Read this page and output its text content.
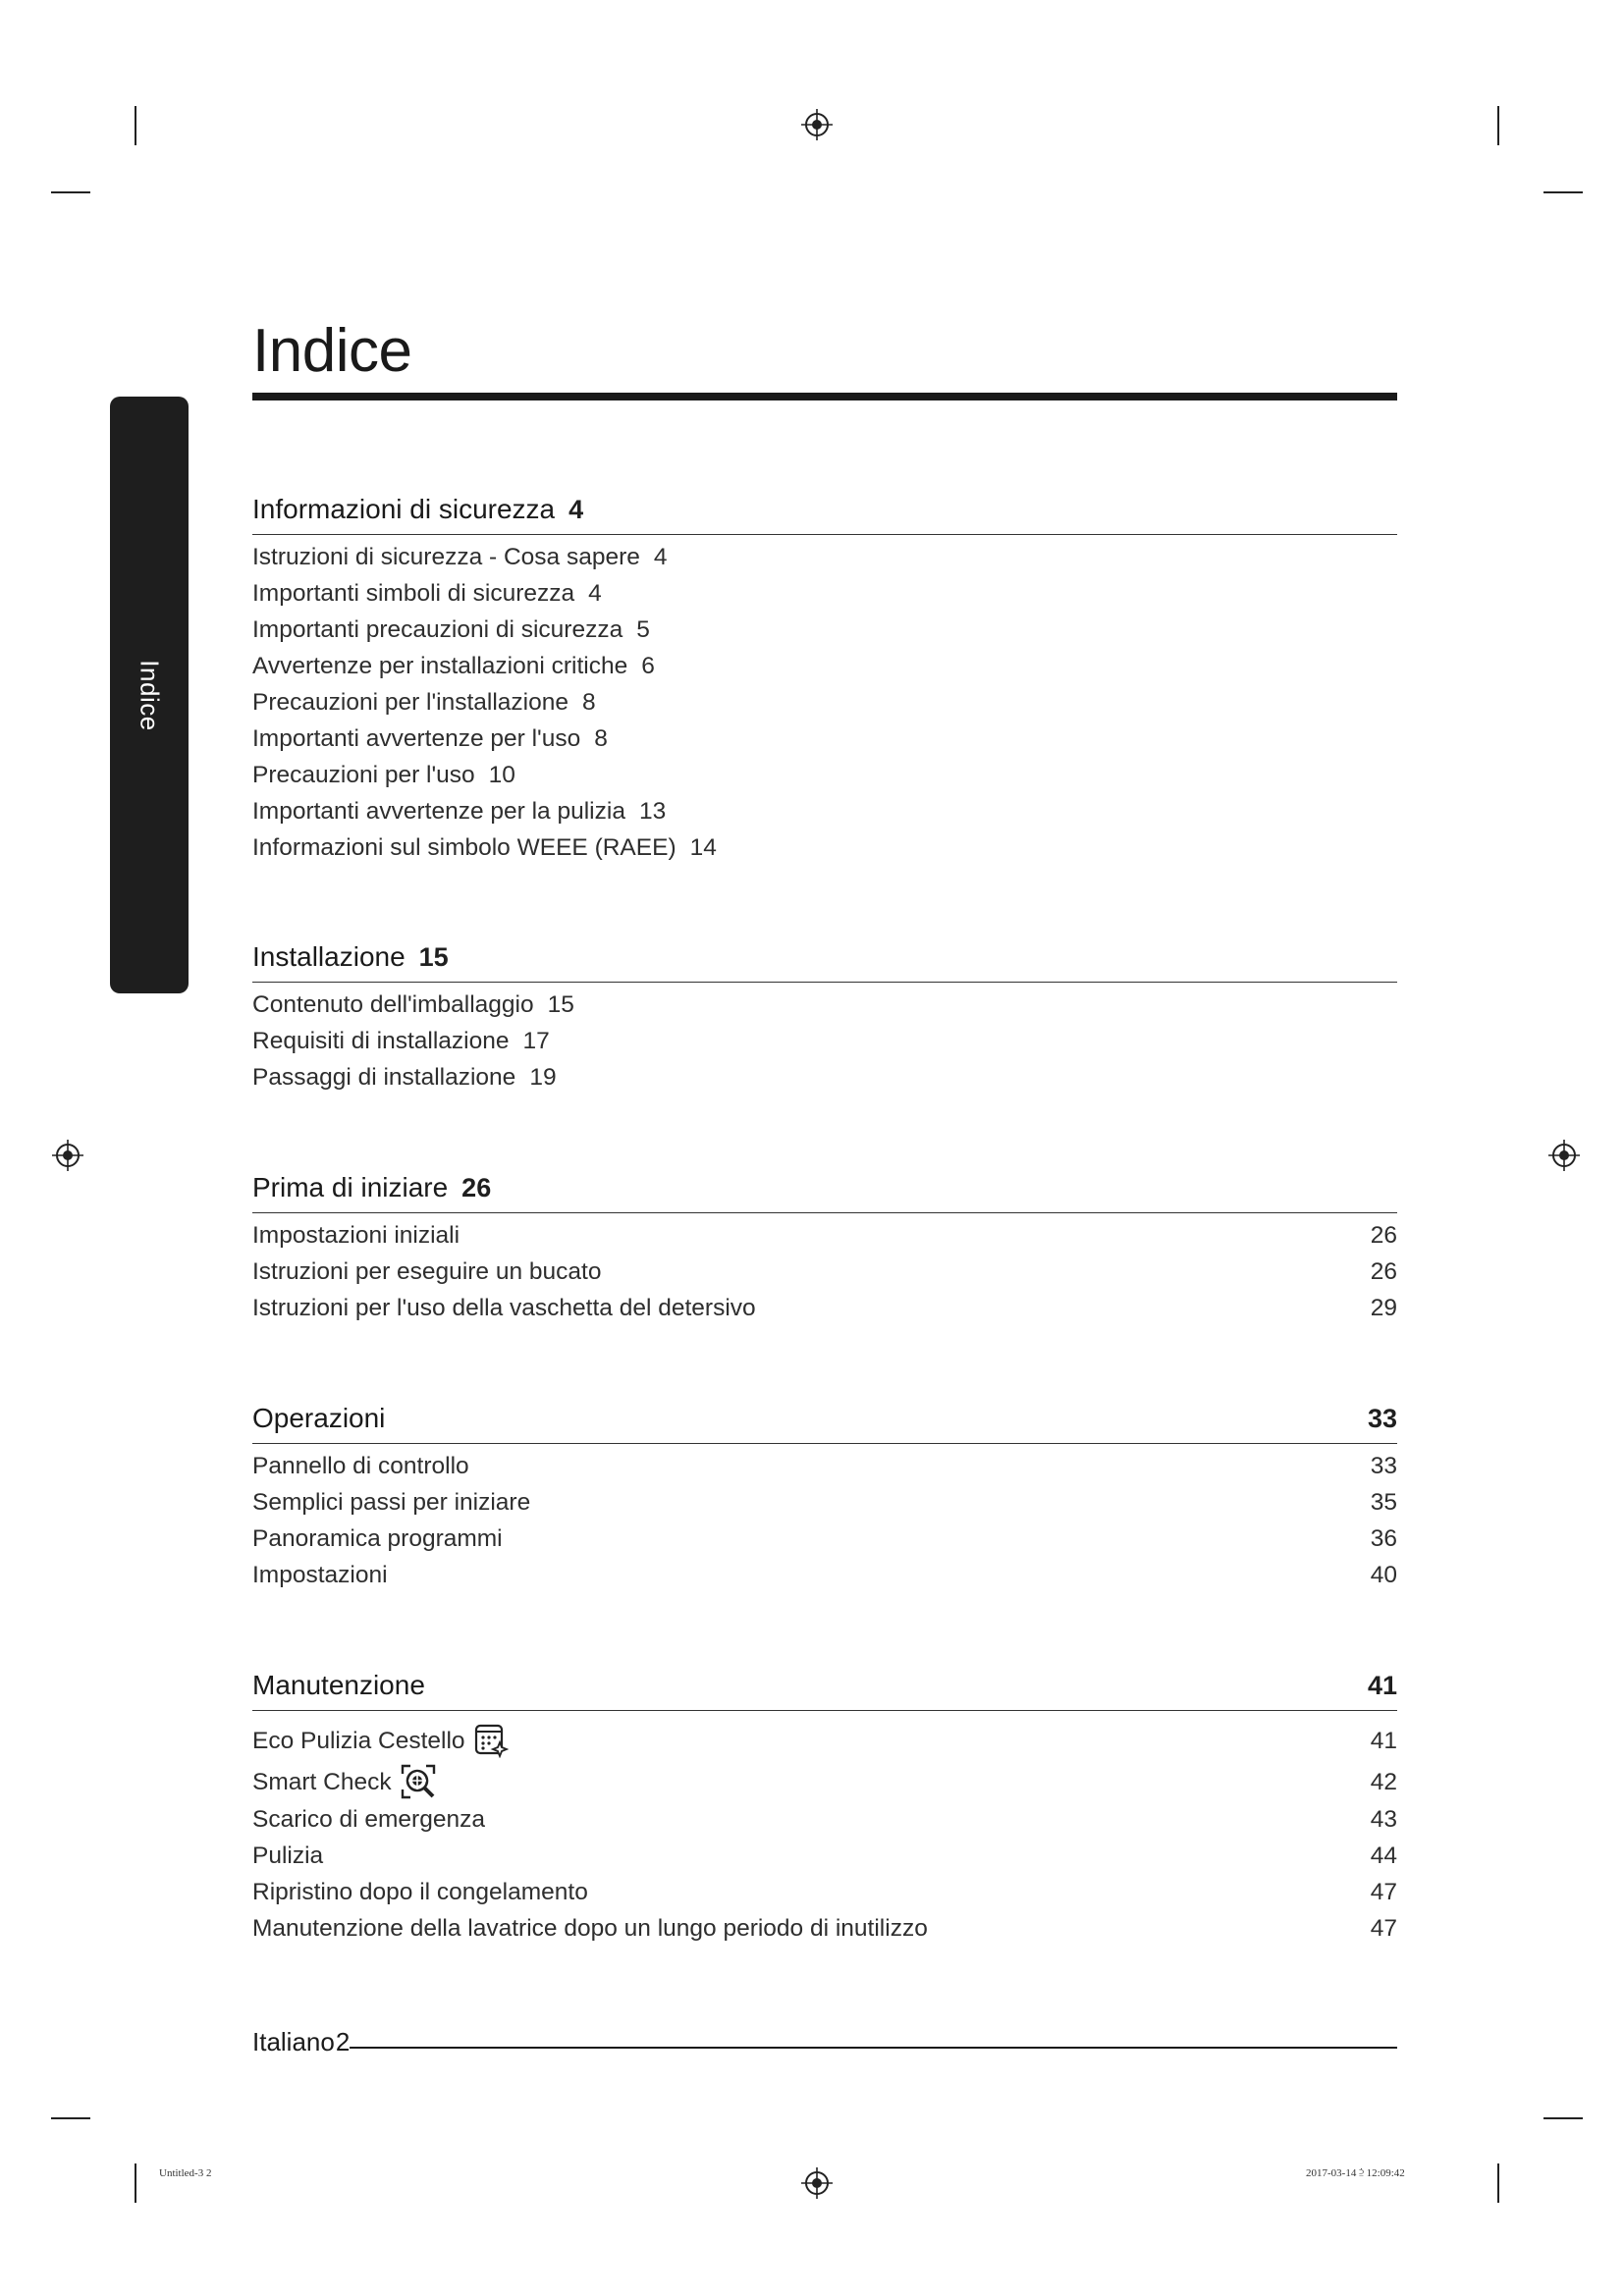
Indice
Indice
Informazioni di sicurezza 4
Istruzioni di sicurezza - Cosa sapere 4
Importanti simboli di sicurezza 4
Importanti precauzioni di sicurezza 5
Avvertenze per installazioni critiche 6
Precauzioni per l'installazione 8
Importanti avvertenze per l'uso 8
Precauzioni per l'uso 10
Importanti avvertenze per la pulizia 13
Informazioni sul simbolo WEEE (RAEE) 14
Installazione 15
Contenuto dell'imballaggio 15
Requisiti di installazione 17
Passaggi di installazione 19
Prima di iniziare 26
Impostazioni iniziali	26
Istruzioni per eseguire un bucato	26
Istruzioni per l'uso della vaschetta del detersivo	29
Operazioni	33
Pannello di controllo	33
Semplici passi per iniziare	35
Panoramica programmi	36
Impostazioni	40
Manutenzione	41
Eco Pulizia Cestello	41
Smart Check	42
Scarico di emergenza	43
Pulizia	44
Ripristino dopo il congelamento	47
Manutenzione della lavatrice dopo un lungo periodo di inutilizzo	47
Italiano 2
Untitled-3 2	2017-03-14 ⫄ 12:09:42
